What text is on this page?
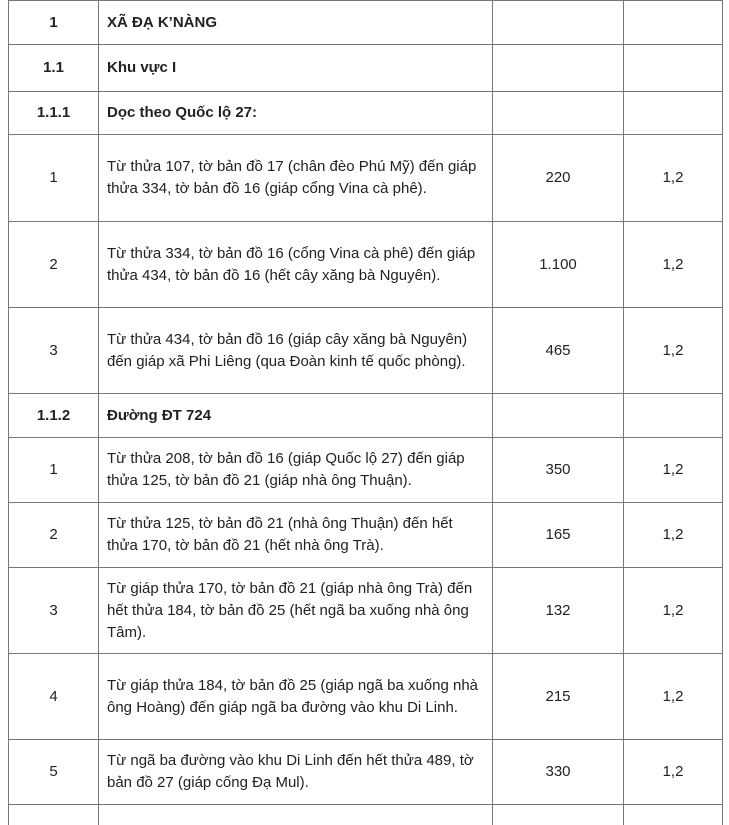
1	XÃ ĐẠ K’NÀNG		
1.1	Khu vực I		
1.1.1	Dọc theo Quốc lộ 27:		
1	Từ thửa 107, tờ bản đồ 17 (chân đèo Phú Mỹ) đến giáp thửa 334, tờ bản đồ 16 (giáp cổng Vina cà phê).	220	1,2
2	Từ thửa 334, tờ bản đồ 16 (cổng Vina cà phê) đến giáp thửa 434, tờ bản đồ 16 (hết cây xăng bà Nguyên).	1.100	1,2
3	Từ thửa 434, tờ bản đồ 16 (giáp cây xăng bà Nguyên) đến giáp xã Phi Liêng (qua Đoàn kinh tế quốc phòng).	465	1,2
1.1.2	Đường ĐT 724		
1	Từ thửa 208, tờ bản đồ 16 (giáp Quốc lộ 27) đến giáp thửa 125, tờ bản đồ 21 (giáp nhà ông Thuận).	350	1,2
2	Từ thửa 125, tờ bản đồ 21 (nhà ông Thuận) đến hết thửa 170, tờ bản đồ 21 (hết nhà ông Trà).	165	1,2
3	Từ giáp thửa 170, tờ bản đồ 21 (giáp nhà ông Trà) đến hết thửa 184, tờ bản đồ 25 (hết ngã ba xuống nhà ông Tâm).	132	1,2
4	Từ giáp thửa 184, tờ bản đồ 25 (giáp ngã ba xuống nhà ông Hoàng) đến giáp ngã ba đường vào khu Di Linh.	215	1,2
5	Từ ngã ba đường vào khu Di Linh đến hết thửa 489, tờ bản đồ 27 (giáp cống Đạ Mul).	330	1,2
